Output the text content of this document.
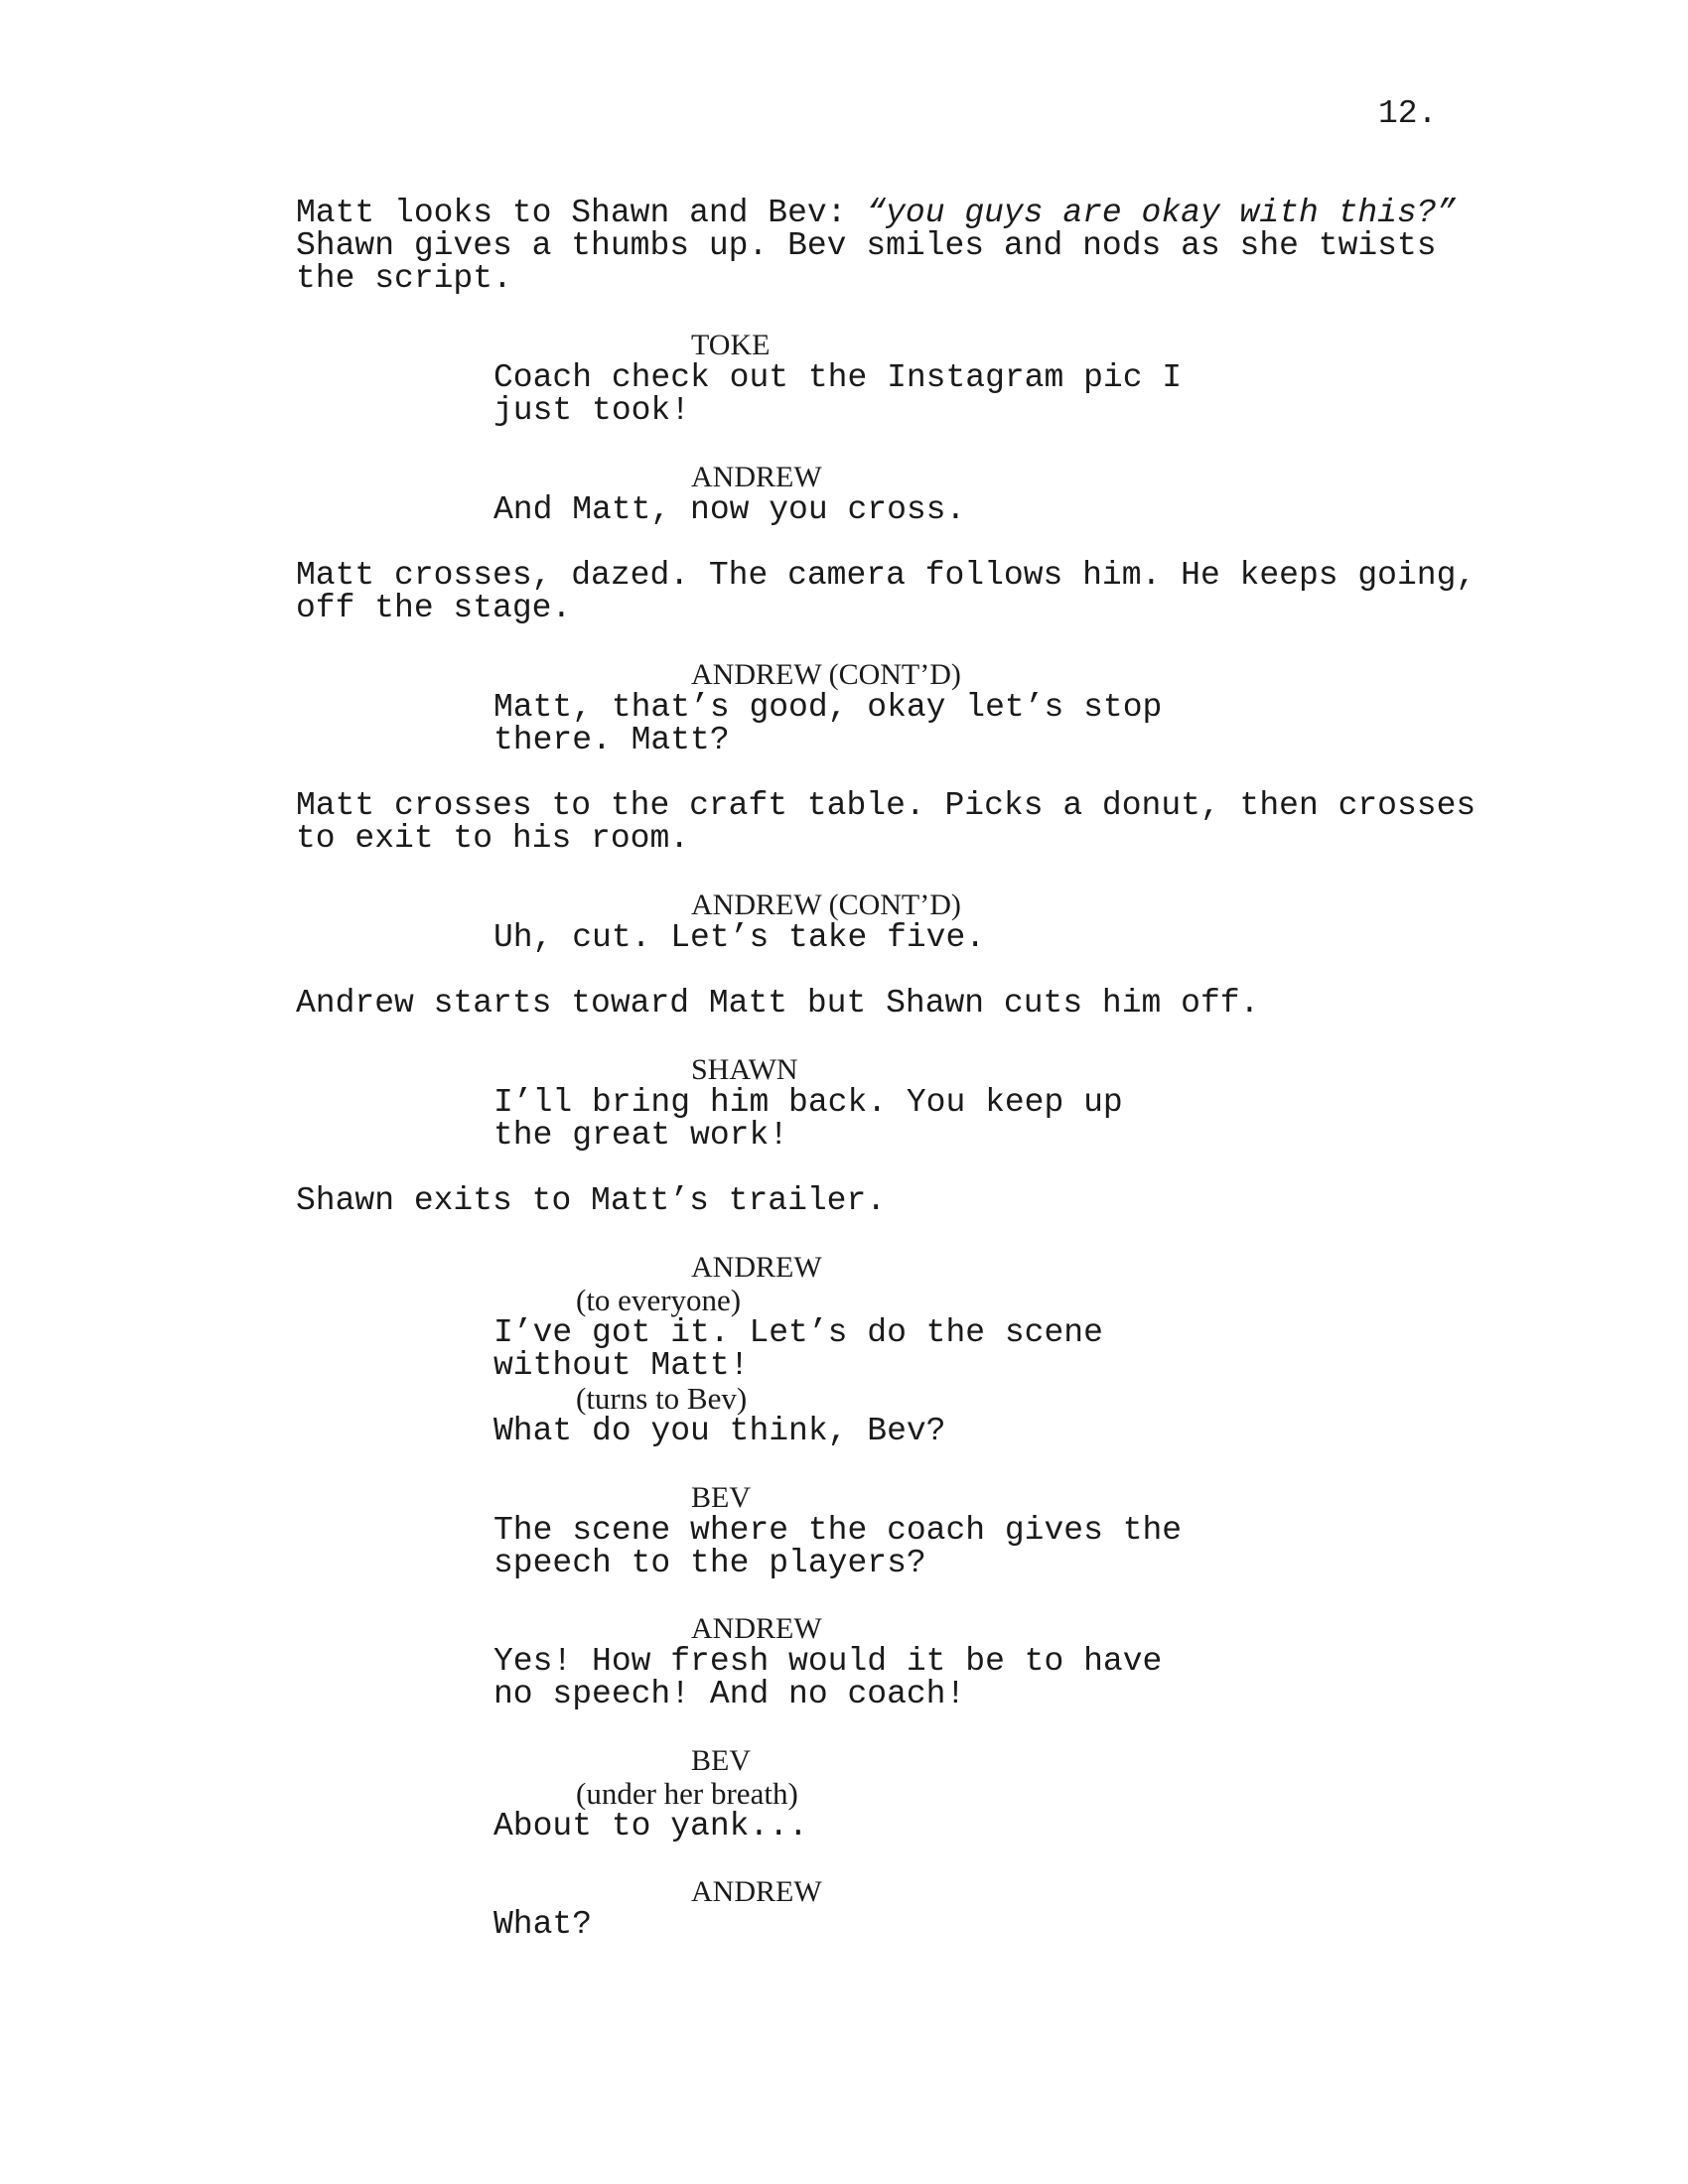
12.
Matt looks to Shawn and Bev: “you guys are okay with this?”
Shawn gives a thumbs up. Bev smiles and nods as she twists
the script.
TOKE
Coach check out the Instagram pic I
just took!
ANDREW
And Matt, now you cross.
Matt crosses, dazed. The camera follows him. He keeps going,
off the stage.
ANDREW (CONT’D)
Matt, that’s good, okay let’s stop
there. Matt?
Matt crosses to the craft table. Picks a donut, then crosses
to exit to his room.
ANDREW (CONT’D)
Uh, cut. Let’s take five.
Andrew starts toward Matt but Shawn cuts him off.
SHAWN
I’ll bring him back. You keep up
the great work!
Shawn exits to Matt’s trailer.
ANDREW
(to everyone)
I’ve got it. Let’s do the scene
without Matt!
(turns to Bev)
What do you think, Bev?
BEV
The scene where the coach gives the
speech to the players?
ANDREW
Yes! How fresh would it be to have
no speech! And no coach!
BEV
(under her breath)
About to yank...
ANDREW
What?
